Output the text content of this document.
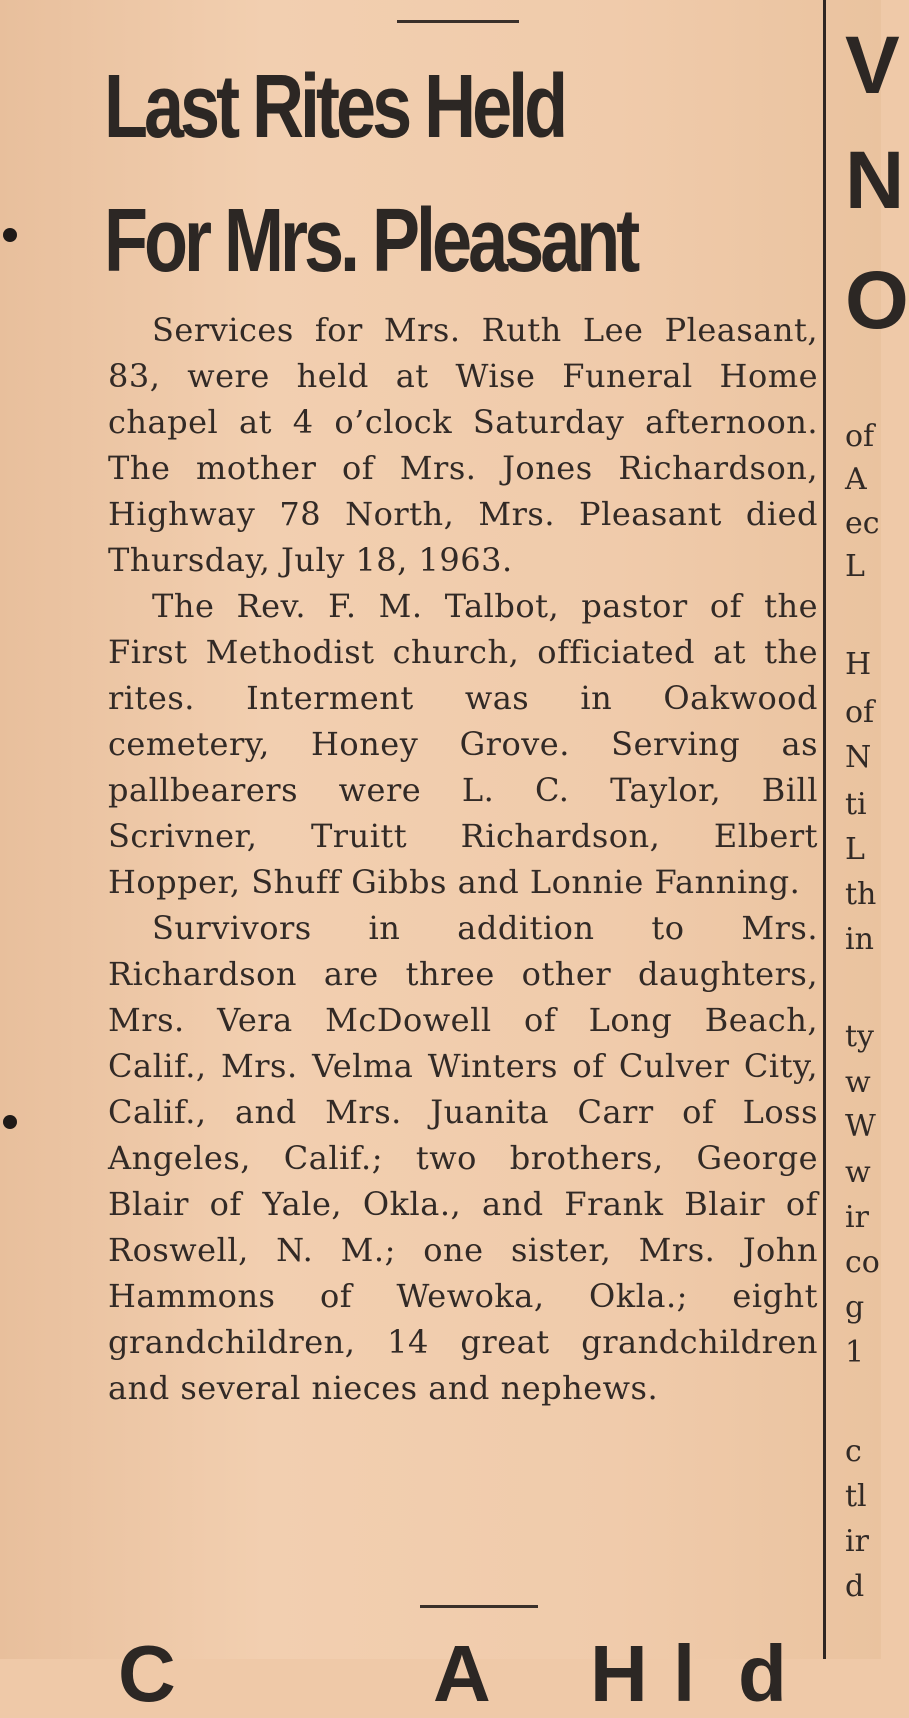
Last Rites Held
For Mrs. Pleasant

Services for Mrs. Ruth Lee Pleasant, 83, were held at Wise Funeral Home chapel at 4 o’clock Saturday afternoon. The mother of Mrs. Jones Richardson, Highway 78 North, Mrs. Pleasant died Thursday, July 18, 1963.

The Rev. F. M. Talbot, pastor of the First Methodist church, officiated at the rites. Interment was in Oakwood cemetery, Honey Grove. Serving as pallbearers were L. C. Taylor, Bill Scrivner, Truitt Richardson, Elbert Hopper, Shuff Gibbs and Lonnie Fanning.

Survivors in addition to Mrs. Richardson are three other daughters, Mrs. Vera McDowell of Long Beach, Calif., Mrs. Velma Winters of Culver City, Calif., and Mrs. Juanita Carr of Loss Angeles, Calif.; two brothers, George Blair of Yale, Okla., and Frank Blair of Roswell, N. M.; one sister, Mrs. John Hammons of Wewoka, Okla.; eight grandchildren, 14 great grandchildren and several nieces and nephews.

C	A H l d
V
N
O
of
A
ec
L
H
of
N
ti
L
th
in
ty
w
W
w
ir
co
g
1
c
tl
ir
d
